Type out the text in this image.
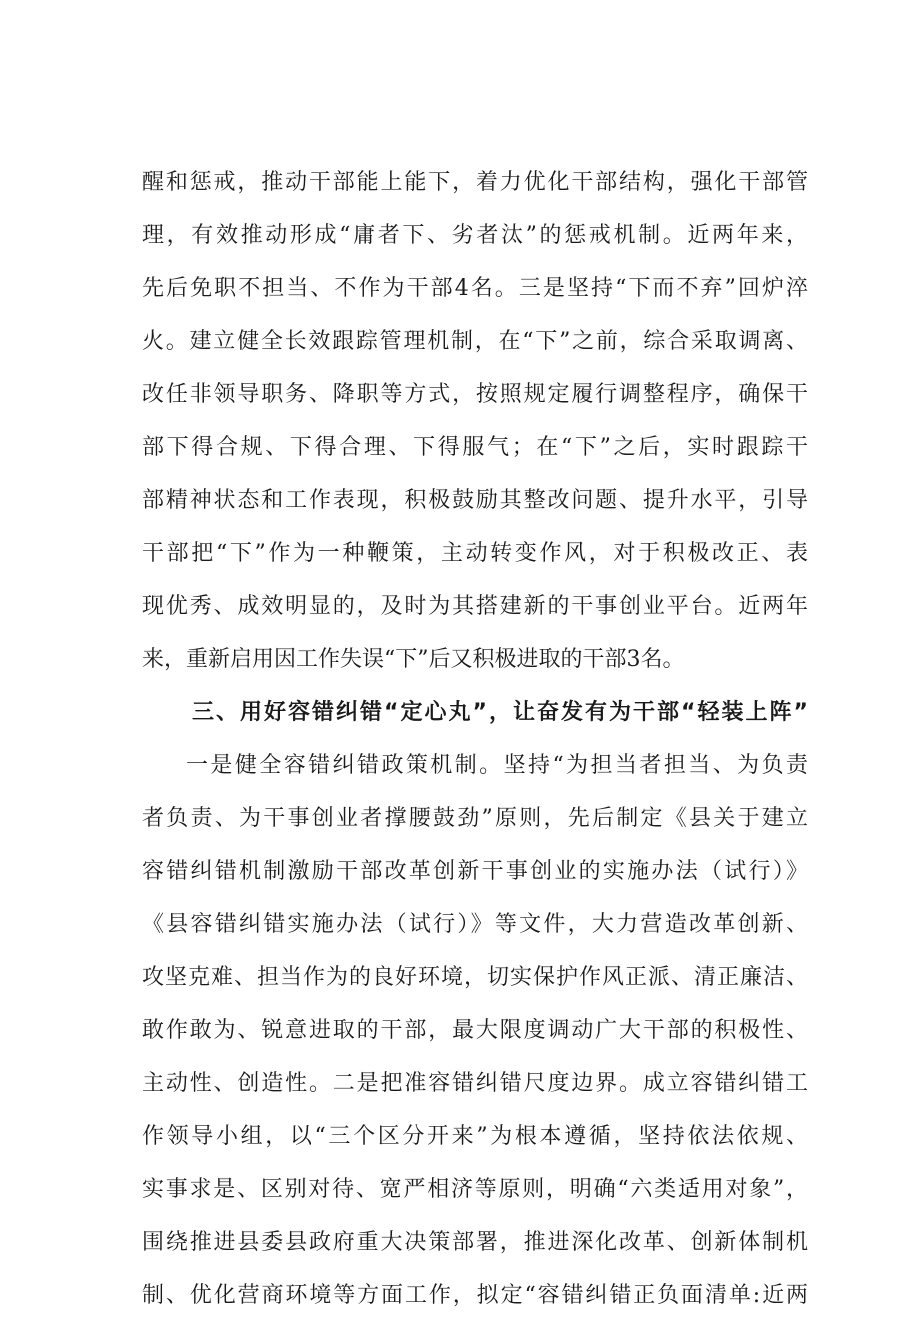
醒和惩戒，推动干部能上能下，着力优化干部结构，强化干部管
理，有效推动形成“庸者下、劣者汰”的惩戒机制。近两年来，
先后免职不担当、不作为干部4名。三是坚持“下而不弃”回炉淬
火。建立健全长效跟踪管理机制，在“下”之前，综合采取调离、
改任非领导职务、降职等方式，按照规定履行调整程序，确保干
部下得合规、下得合理、下得服气；在“下”之后，实时跟踪干
部精神状态和工作表现，积极鼓励其整改问题、提升水平，引导
干部把“下”作为一种鞭策，主动转变作风，对于积极改正、表
现优秀、成效明显的，及时为其搭建新的干事创业平台。近两年
来，重新启用因工作失误“下”后又积极进取的干部3名。
三、用好容错纠错“定心丸”，让奋发有为干部“轻装上阵”
一是健全容错纠错政策机制。坚持“为担当者担当、为负责
者负责、为干事创业者撑腰鼓劲”原则，先后制定《县关于建立
容错纠错机制激励干部改革创新干事创业的实施办法（试行）》
《县容错纠错实施办法（试行）》等文件，大力营造改革创新、
攻坚克难、担当作为的良好环境，切实保护作风正派、清正廉洁、
敢作敢为、锐意进取的干部，最大限度调动广大干部的积极性、
主动性、创造性。二是把准容错纠错尺度边界。成立容错纠错工
作领导小组，以“三个区分开来”为根本遵循，坚持依法依规、
实事求是、区别对待、宽严相济等原则，明确“六类适用对象”，
围绕推进县委县政府重大决策部署，推进深化改革、创新体制机
制、优化营商环境等方面工作，拟定“容错纠错正负面清单:近两
